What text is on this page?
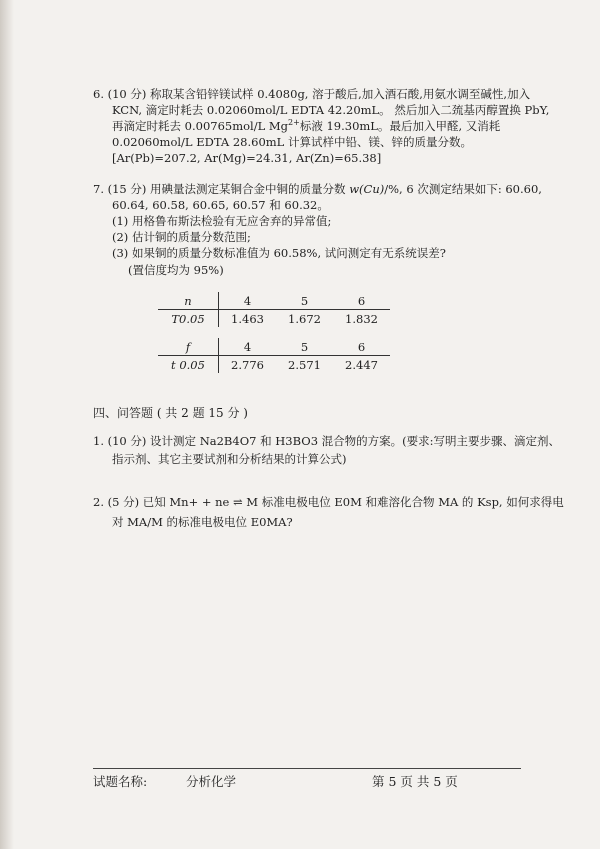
6. (10 分) 称取某含铅锌镁试样 0.4080g, 溶于酸后,加入酒石酸,用氨水调至碱性,加入
KCN, 滴定时耗去 0.02060mol/L EDTA 42.20mL。 然后加入二巯基丙醇置换 PbY,
再滴定时耗去 0.00765mol/L $Mg^{2+}$标液 19.30mL。最后加入甲醛, 又消耗
0.02060mol/L EDTA 28.60mL 计算试样中铅、镁、锌的质量分数。
[Ar(Pb)=207.2, Ar(Mg)=24.31, Ar(Zn)=65.38]
7. (15 分) 用碘量法测定某铜合金中铜的质量分数 w(Cu)/%, 6 次测定结果如下: 60.60,
60.64, 60.58, 60.65, 60.57 和 60.32。
(1) 用格鲁布斯法检验有无应舍弃的异常值;
(2) 估计铜的质量分数范围;
(3) 如果铜的质量分数标准值为 60.58%, 试问测定有无系统误差?
(置信度均为 95%)
n	4	5	6
T0.05	1.463	1.672	1.832
f	4	5	6
t 0.05	2.776	2.571	2.447
四、问答题 ( 共 2 题 15 分 )
1. (10 分) 设计测定 Na2B4O7 和 H3BO3 混合物的方案。(要求:写明主要步骤、滴定剂、
指示剂、其它主要试剂和分析结果的计算公式)
2. (5 分) 已知 Mn+ + ne ⇌ M 标准电极电位 E0M 和难溶化合物 MA 的 Ksp, 如何求得电
对 MA/M 的标准电极电位 E0MA?
试题名称:	分析化学	第 5 页 共 5 页
